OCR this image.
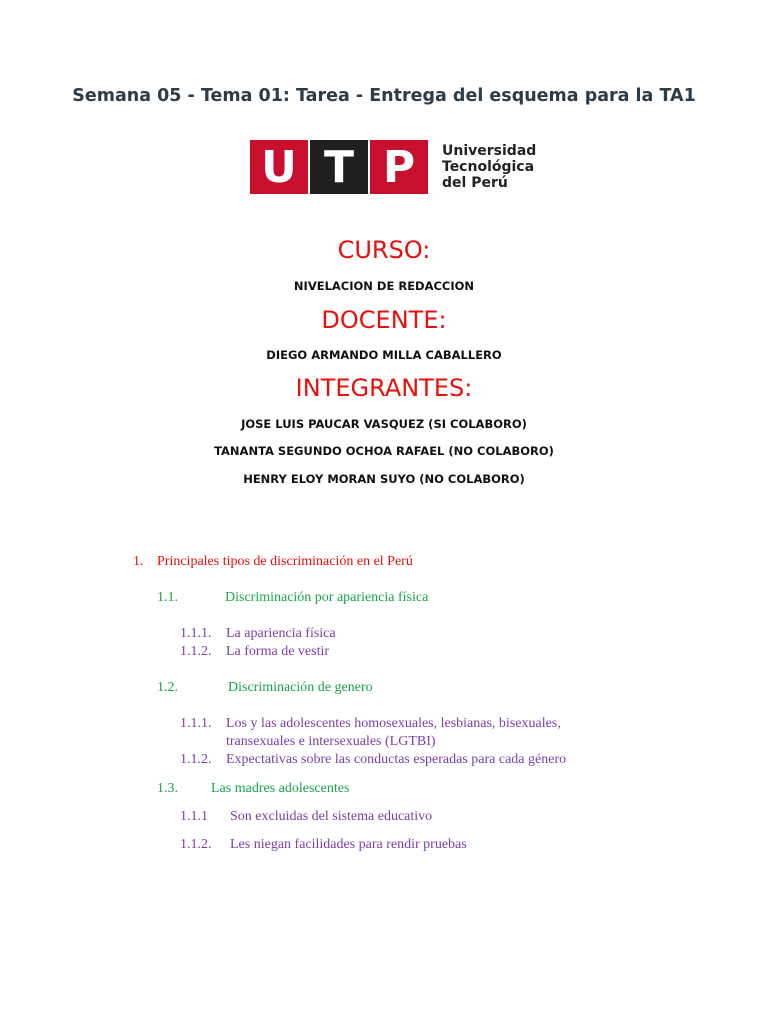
Semana 05 - Tema 01: Tarea - Entrega del esquema para la TA1
U T P	Universidad
Tecnológica
del Perú
CURSO:
NIVELACION DE REDACCION
DOCENTE:
DIEGO ARMANDO MILLA CABALLERO
INTEGRANTES:
JOSE LUIS PAUCAR VASQUEZ (SI COLABORO)
TANANTA SEGUNDO OCHOA RAFAEL (NO COLABORO)
HENRY ELOY MORAN SUYO (NO COLABORO)
1. Principales tipos de discriminación en el Perú
1.1.	Discriminación por apariencia física
1.1.1. La apariencia física
1.1.2. La forma de vestir
1.2.	Discriminación de genero
1.1.1. Los y las adolescentes homosexuales, lesbianas, bisexuales,
transexuales e intersexuales (LGTBI)
1.1.2. Expectativas sobre las conductas esperadas para cada género
1.3. Las madres adolescentes
1.1.1 Son excluidas del sistema educativo
1.1.2. Les niegan facilidades para rendir pruebas
